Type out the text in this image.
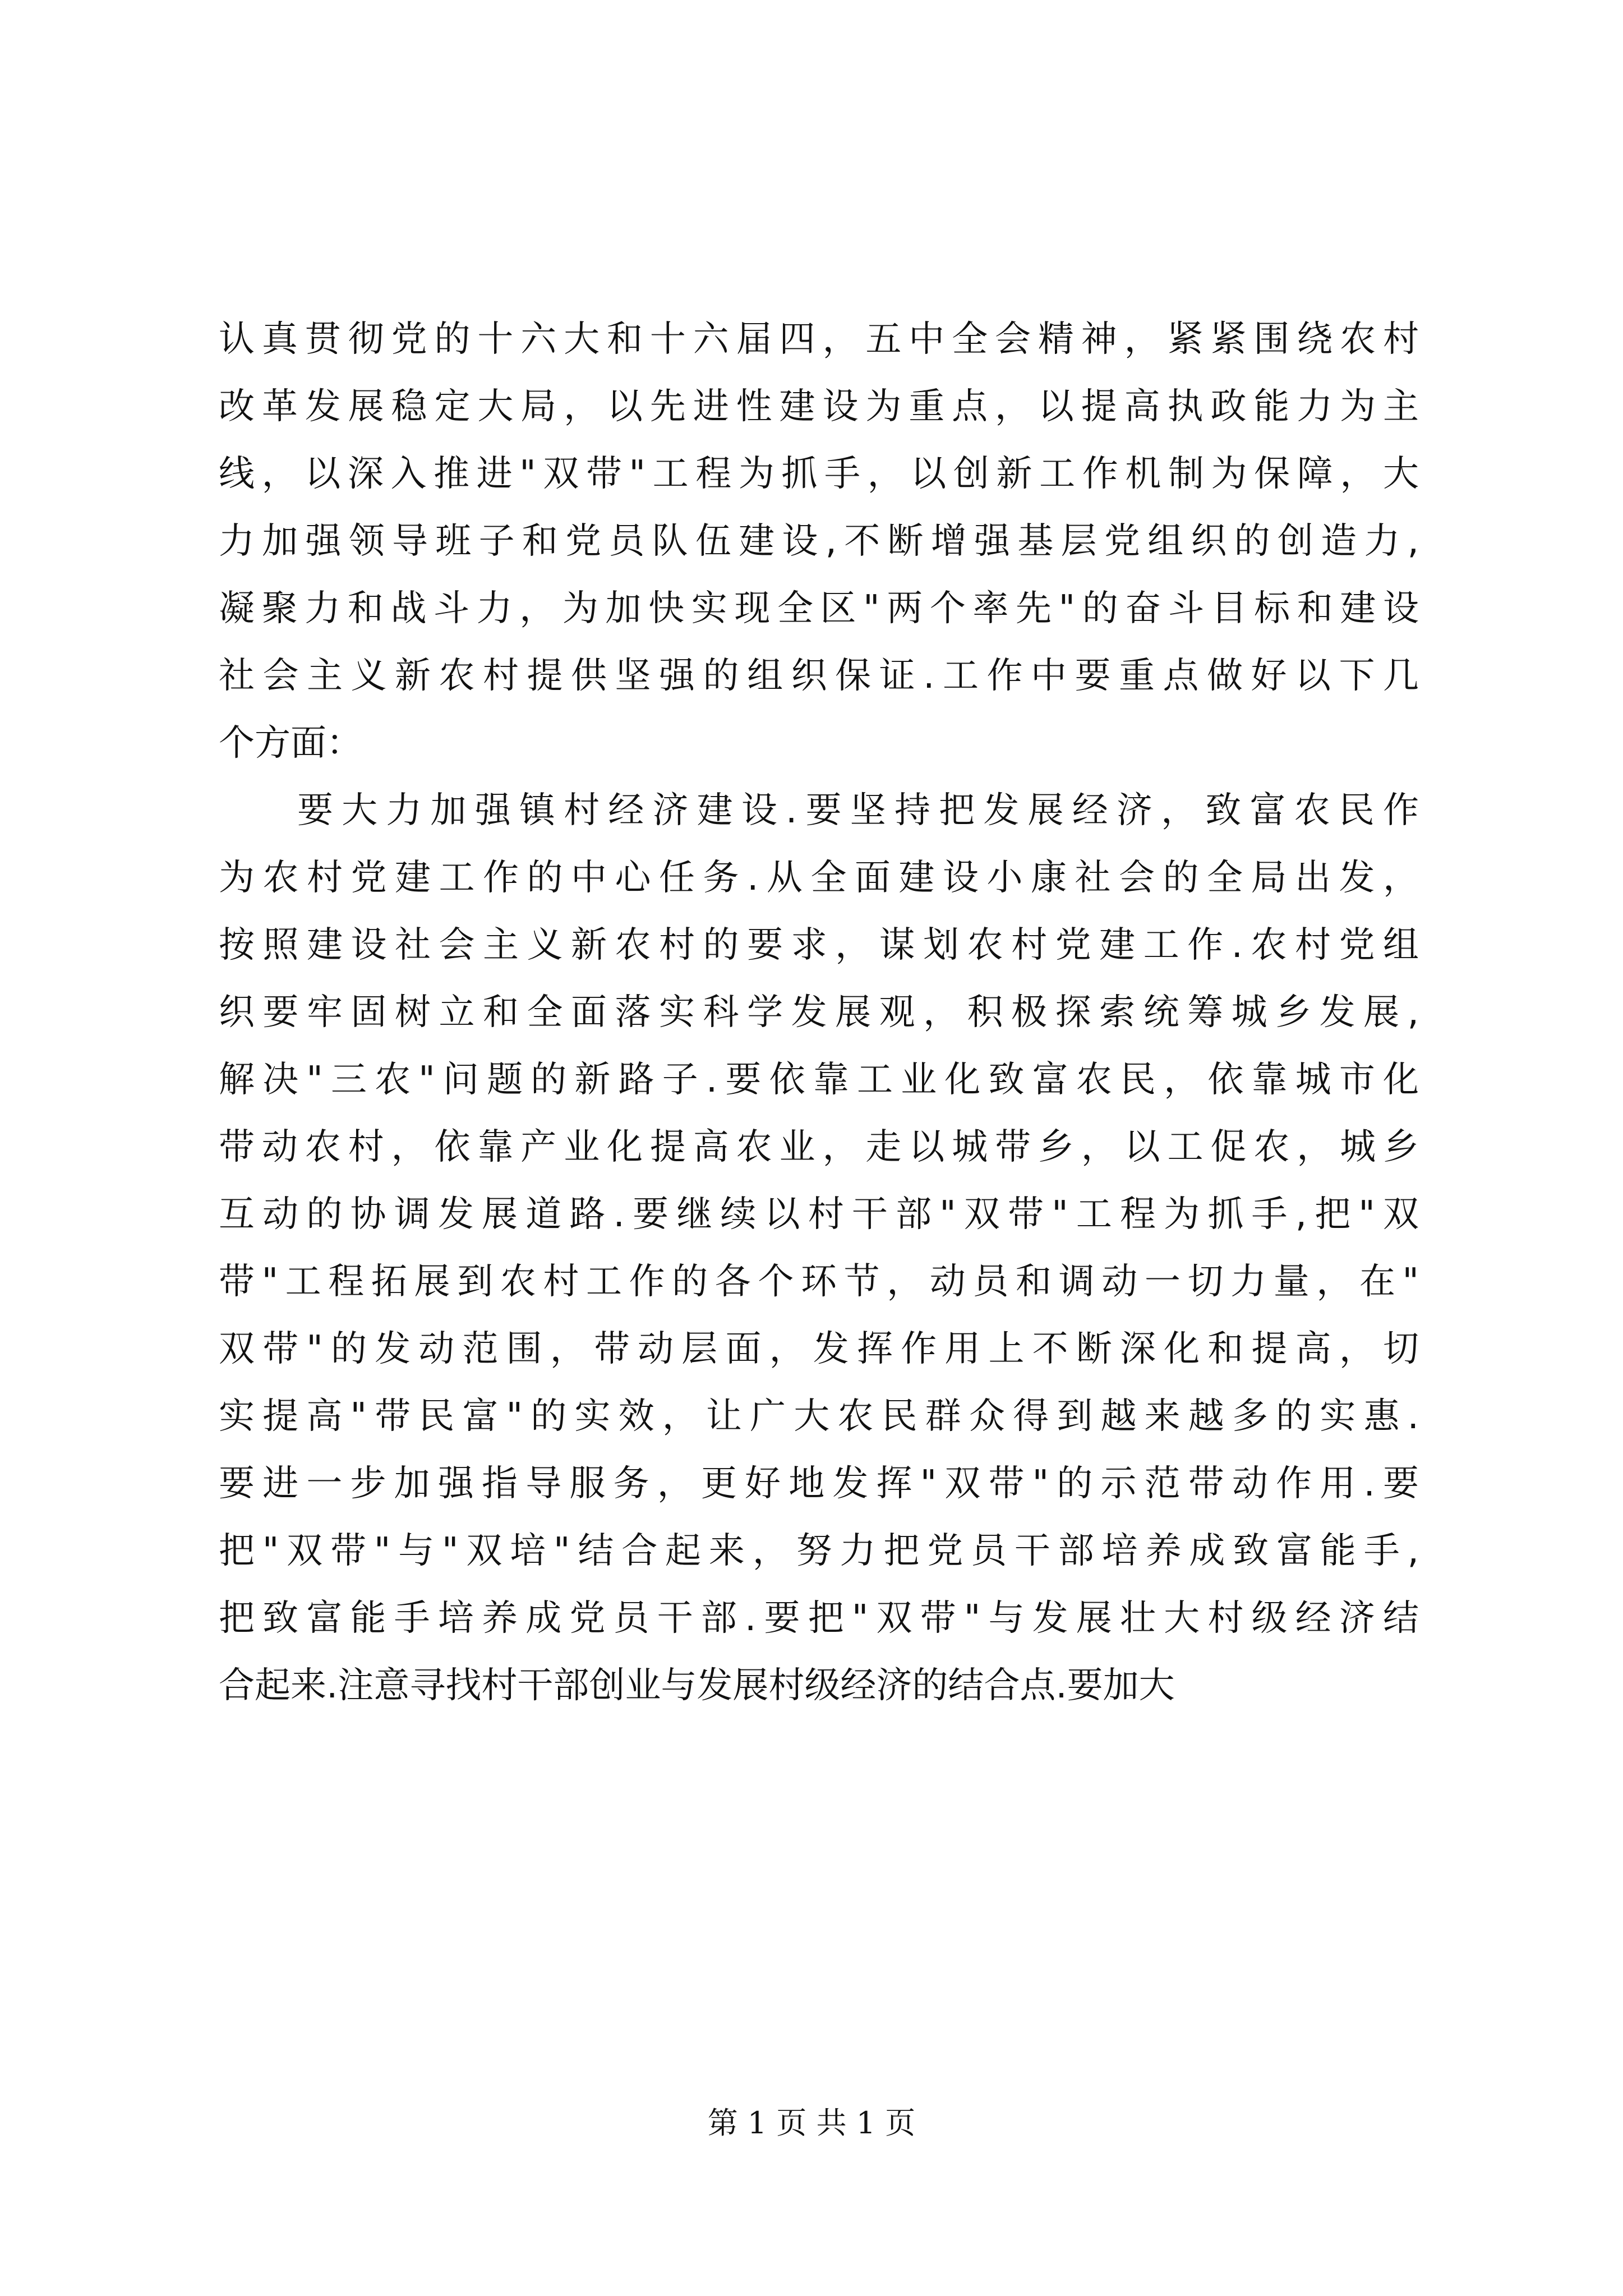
认真贯彻党的十六大和十六届四，五中全会精神，紧紧围绕农村
改革发展稳定大局，以先进性建设为重点，以提高执政能力为主
线，以深入推进"双带"工程为抓手，以创新工作机制为保障，大
力加强领导班子和党员队伍建设,不断增强基层党组织的创造力,
凝聚力和战斗力，为加快实现全区"两个率先"的奋斗目标和建设
社会主义新农村提供坚强的组织保证.工作中要重点做好以下几
个方面：
要大力加强镇村经济建设.要坚持把发展经济，致富农民作
为农村党建工作的中心任务.从全面建设小康社会的全局出发，
按照建设社会主义新农村的要求，谋划农村党建工作.农村党组
织要牢固树立和全面落实科学发展观，积极探索统筹城乡发展,
解决"三农"问题的新路子.要依靠工业化致富农民，依靠城市化
带动农村，依靠产业化提高农业，走以城带乡，以工促农，城乡
互动的协调发展道路.要继续以村干部"双带"工程为抓手,把"双
带"工程拓展到农村工作的各个环节，动员和调动一切力量，在"
双带"的发动范围，带动层面，发挥作用上不断深化和提高，切
实提高"带民富"的实效，让广大农民群众得到越来越多的实惠.
要进一步加强指导服务，更好地发挥"双带"的示范带动作用.要
把"双带"与"双培"结合起来，努力把党员干部培养成致富能手,
把致富能手培养成党员干部.要把"双带"与发展壮大村级经济结
合起来.注意寻找村干部创业与发展村级经济的结合点.要加大
第 1 页 共 1 页
